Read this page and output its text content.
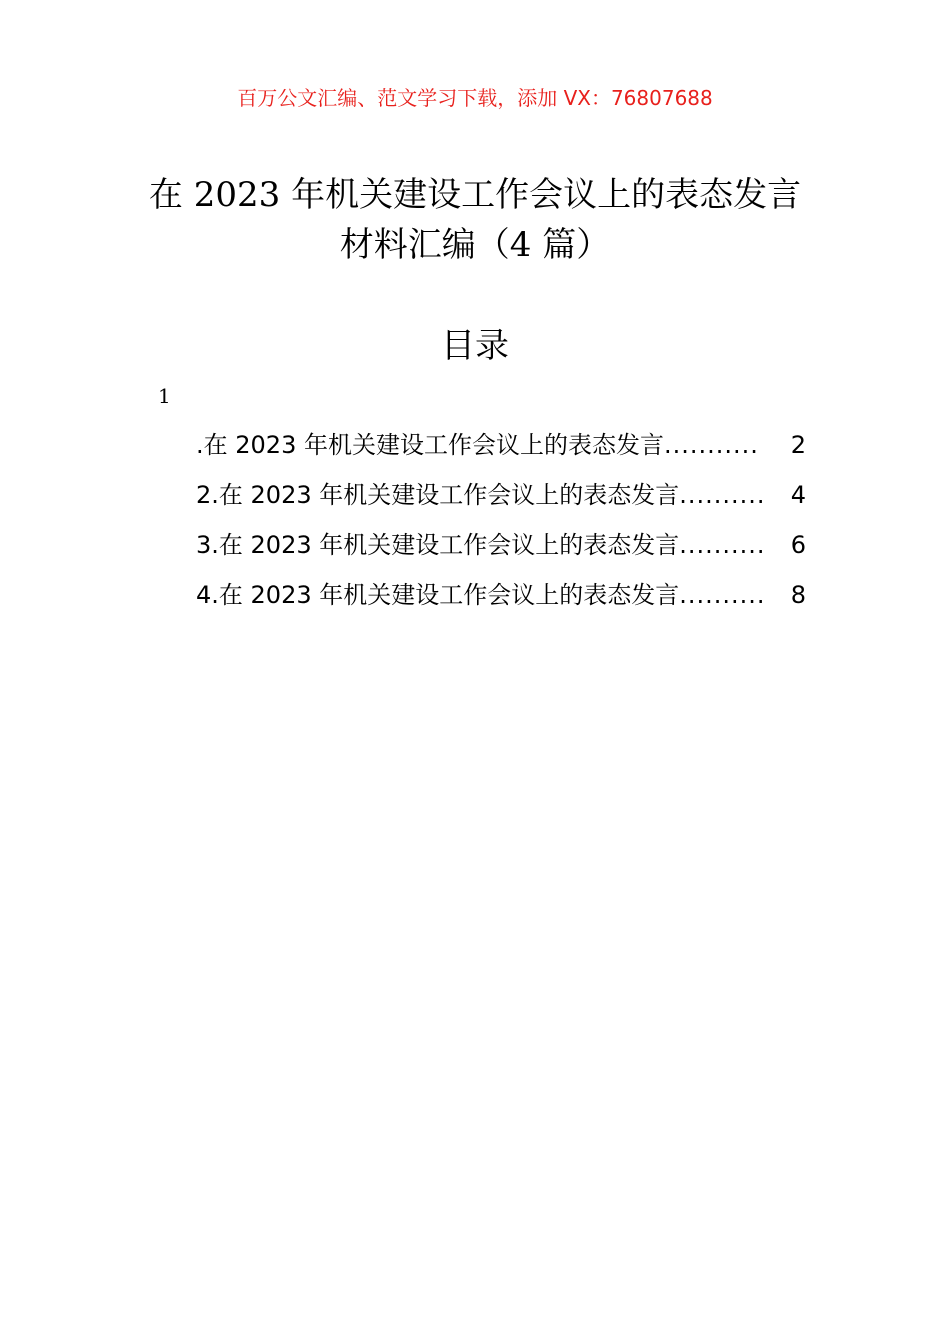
百万公文汇编、范文学习下载，添加 VX：76807688
在 2023 年机关建设工作会议上的表态发言
材料汇编（4 篇）
目录
1
. 在 2023 年机关建设工作会议上的表态发言 ...........	2
2. 在 2023 年机关建设工作会议上的表态发言 ..........	4
3. 在 2023 年机关建设工作会议上的表态发言 ..........	6
4. 在 2023 年机关建设工作会议上的表态发言 ..........	8
